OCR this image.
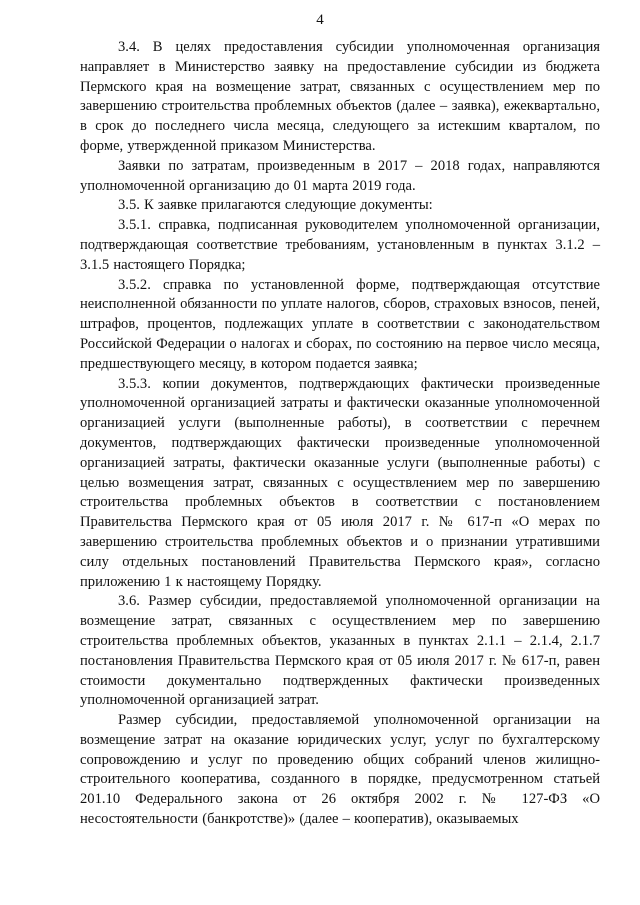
4

3.4. В целях предоставления субсидии уполномоченная организация направляет в Министерство заявку на предоставление субсидии из бюджета Пермского края на возмещение затрат, связанных с осуществлением мер по завершению строительства проблемных объектов (далее – заявка), ежеквартально, в срок до последнего числа месяца, следующего за истекшим кварталом, по форме, утвержденной приказом Министерства.

Заявки по затратам, произведенным в 2017 – 2018 годах, направляются уполномоченной организацию до 01 марта 2019 года.

3.5. К заявке прилагаются следующие документы:

3.5.1. справка, подписанная руководителем уполномоченной организации, подтверждающая соответствие требованиям, установленным в пунктах 3.1.2 – 3.1.5 настоящего Порядка;

3.5.2. справка по установленной форме, подтверждающая отсутствие неисполненной обязанности по уплате налогов, сборов, страховых взносов, пеней, штрафов, процентов, подлежащих уплате в соответствии с законодательством Российской Федерации о налогах и сборах, по состоянию на первое число месяца, предшествующего месяцу, в котором подается заявка;

3.5.3. копии документов, подтверждающих фактически произведенные уполномоченной организацией затраты и фактически оказанные уполномоченной организацией услуги (выполненные работы), в соответствии с перечнем документов, подтверждающих фактически произведенные уполномоченной организацией затраты, фактически оказанные услуги (выполненные работы) с целью возмещения затрат, связанных с осуществлением мер по завершению строительства проблемных объектов в соответствии с постановлением Правительства Пермского края от 05 июля 2017 г. № 617-п «О мерах по завершению строительства проблемных объектов и о признании утратившими силу отдельных постановлений Правительства Пермского края», согласно приложению 1 к настоящему Порядку.

3.6. Размер субсидии, предоставляемой уполномоченной организации на возмещение затрат, связанных с осуществлением мер по завершению строительства проблемных объектов, указанных в пунктах 2.1.1 – 2.1.4, 2.1.7 постановления Правительства Пермского края от 05 июля 2017 г. № 617-п, равен стоимости документально подтвержденных фактически произведенных уполномоченной организацией затрат.

Размер субсидии, предоставляемой уполномоченной организации на возмещение затрат на оказание юридических услуг, услуг по бухгалтерскому сопровождению и услуг по проведению общих собраний членов жилищно-строительного кооператива, созданного в порядке, предусмотренном статьей 201.10 Федерального закона от 26 октября 2002 г. № 127-ФЗ «О несостоятельности (банкротстве)» (далее – кооператив), оказываемых
